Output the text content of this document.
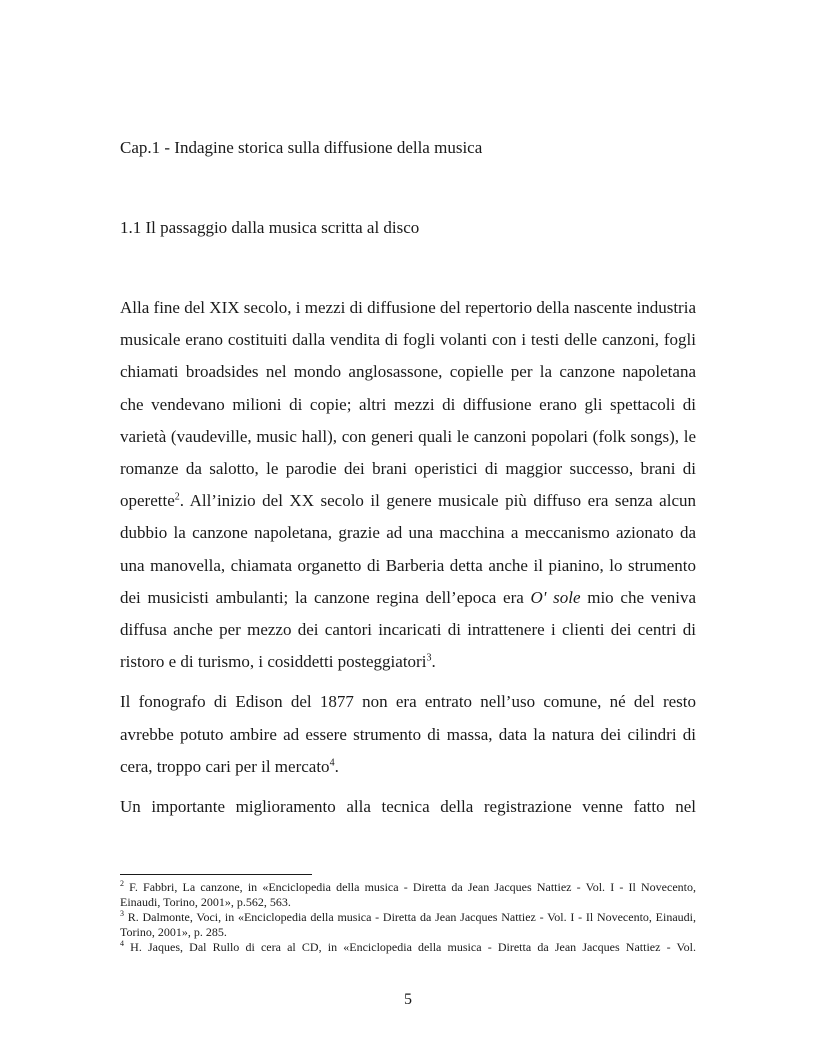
Cap.1 - Indagine storica sulla diffusione della musica
1.1 Il passaggio dalla musica scritta al disco

Alla fine del XIX secolo, i mezzi di diffusione del repertorio della nascente industria musicale erano costituiti dalla vendita di fogli volanti con i testi delle canzoni, fogli chiamati broadsides nel mondo anglosassone, copielle per la canzone napoletana che vendevano milioni di copie; altri mezzi di diffusione erano gli spettacoli di varietà (vaudeville, music hall), con generi quali le canzoni popolari (folk songs), le romanze da salotto, le parodie dei brani operistici di maggior successo, brani di operette$^2$. All’inizio del XX secolo il genere musicale più diffuso era senza alcun dubbio la canzone napoletana, grazie ad una macchina a meccanismo azionato da una manovella, chiamata organetto di Barberia detta anche il pianino, lo strumento dei musicisti ambulanti; la canzone regina dell’epoca era O' sole mio che veniva diffusa anche per mezzo dei cantori incaricati di intrattenere i clienti dei centri di ristoro e di turismo, i cosiddetti posteggiatori$^3$.

Il fonografo di Edison del 1877 non era entrato nell’uso comune, né del resto avrebbe potuto ambire ad essere strumento di massa, data la natura dei cilindri di cera, troppo cari per il mercato$^4$.

Un importante miglioramento alla tecnica della registrazione venne fatto nel

$^2$ F. Fabbri, La canzone, in «Enciclopedia della musica - Diretta da Jean Jacques Nattiez - Vol. I - Il Novecento, Einaudi, Torino, 2001», p.562, 563.

$^3$ R. Dalmonte, Voci, in «Enciclopedia della musica - Diretta da Jean Jacques Nattiez - Vol. I - Il Novecento, Einaudi, Torino, 2001», p. 285.

$^4$ H. Jaques, Dal Rullo di cera al CD, in «Enciclopedia della musica - Diretta da Jean Jacques Nattiez - Vol.

5
